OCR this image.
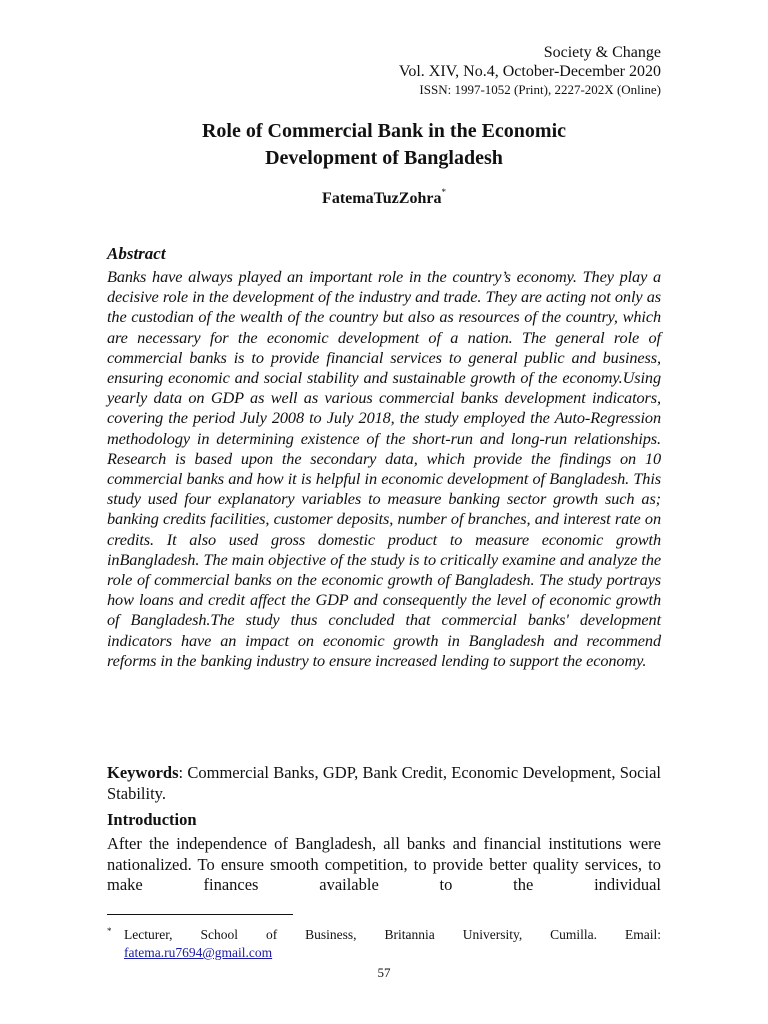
Society & Change
Vol. XIV, No.4, October-December 2020
ISSN: 1997-1052 (Print), 2227-202X (Online)
Role of Commercial Bank in the Economic
Development of Bangladesh
FatemaTuzZohra*
Abstract

Banks have always played an important role in the country’s economy. They play a decisive role in the development of the industry and trade. They are acting not only as the custodian of the wealth of the country but also as resources of the country, which are necessary for the economic development of a nation. The general role of commercial banks is to provide financial services to general public and business, ensuring economic and social stability and sustainable growth of the economy.Using yearly data on GDP as well as various commercial banks development indicators, covering the period July 2008 to July 2018, the study employed the Auto-Regression methodology in determining existence of the short-run and long-run relationships. Research is based upon the secondary data, which provide the findings on 10 commercial banks and how it is helpful in economic development of Bangladesh. This study used four explanatory variables to measure banking sector growth such as; banking credits facilities, customer deposits, number of branches, and interest rate on credits. It also used gross domestic product to measure economic growth inBangladesh. The main objective of the study is to critically examine and analyze the role of commercial banks on the economic growth of Bangladesh. The study portrays how loans and credit affect the GDP and consequently the level of economic growth of Bangladesh.The study thus concluded that commercial banks' development indicators have an impact on economic growth in Bangladesh and recommend reforms in the banking industry to ensure increased lending to support the economy.

Keywords: Commercial Banks, GDP, Bank Credit, Economic Development, Social Stability.

Introduction

After the independence of Bangladesh, all banks and financial institutions were nationalized. To ensure smooth competition, to provide better quality services, to make finances available to the individual

* Lecturer, School of Business, Britannia University, Cumilla. Email:
fatema.ru7694@gmail.com
57
